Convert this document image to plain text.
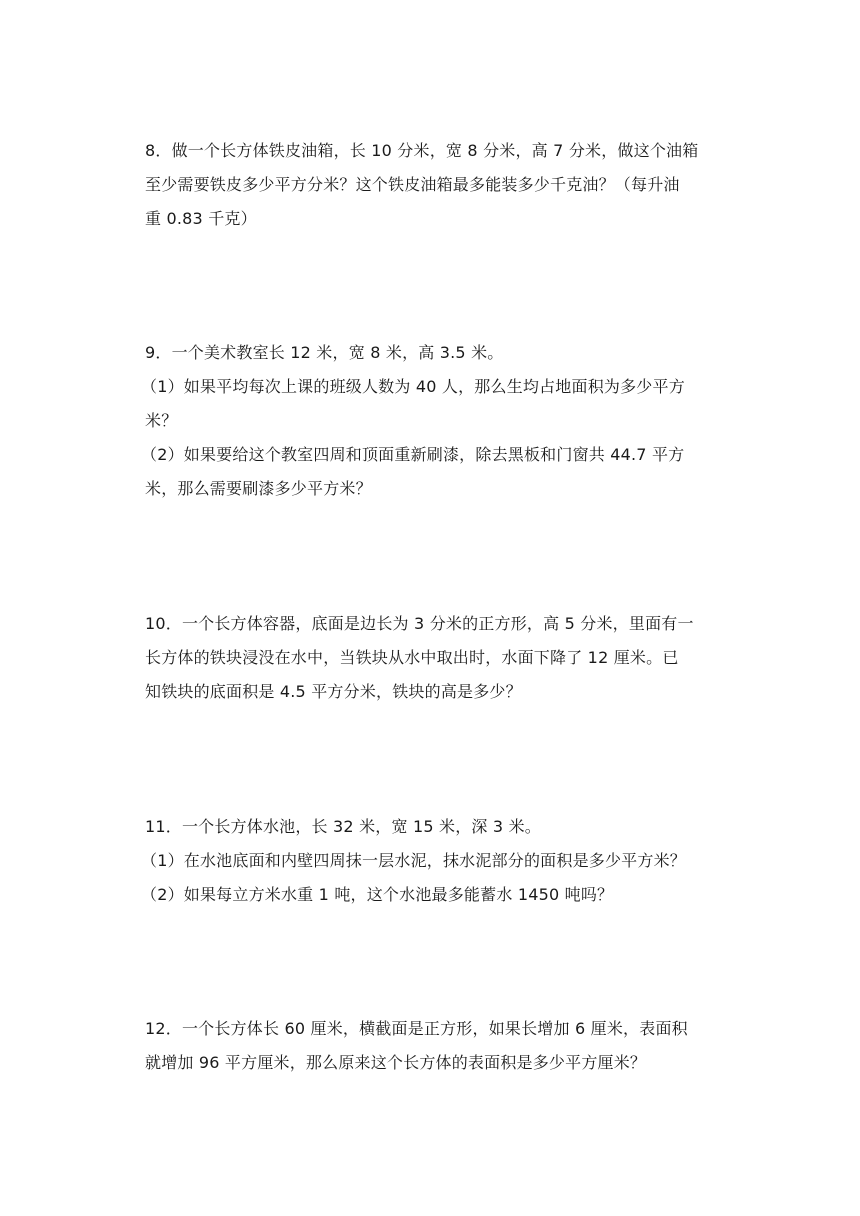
8．做一个长方体铁皮油箱，长 10 分米，宽 8 分米，高 7 分米，做这个油箱
至少需要铁皮多少平方分米？这个铁皮油箱最多能装多少千克油？（每升油
重 0.83 千克）
9．一个美术教室长 12 米，宽 8 米，高 3.5 米。
（1）如果平均每次上课的班级人数为 40 人，那么生均占地面积为多少平方
米？
（2）如果要给这个教室四周和顶面重新刷漆，除去黑板和门窗共 44.7 平方
米，那么需要刷漆多少平方米？
10．一个长方体容器，底面是边长为 3 分米的正方形，高 5 分米，里面有一
长方体的铁块浸没在水中，当铁块从水中取出时，水面下降了 12 厘米。已
知铁块的底面积是 4.5 平方分米，铁块的高是多少？
11．一个长方体水池，长 32 米，宽 15 米，深 3 米。
（1）在水池底面和内壁四周抹一层水泥，抹水泥部分的面积是多少平方米？
（2）如果每立方米水重 1 吨，这个水池最多能蓄水 1450 吨吗？
12．一个长方体长 60 厘米，横截面是正方形，如果长增加 6 厘米，表面积
就增加 96 平方厘米，那么原来这个长方体的表面积是多少平方厘米？
